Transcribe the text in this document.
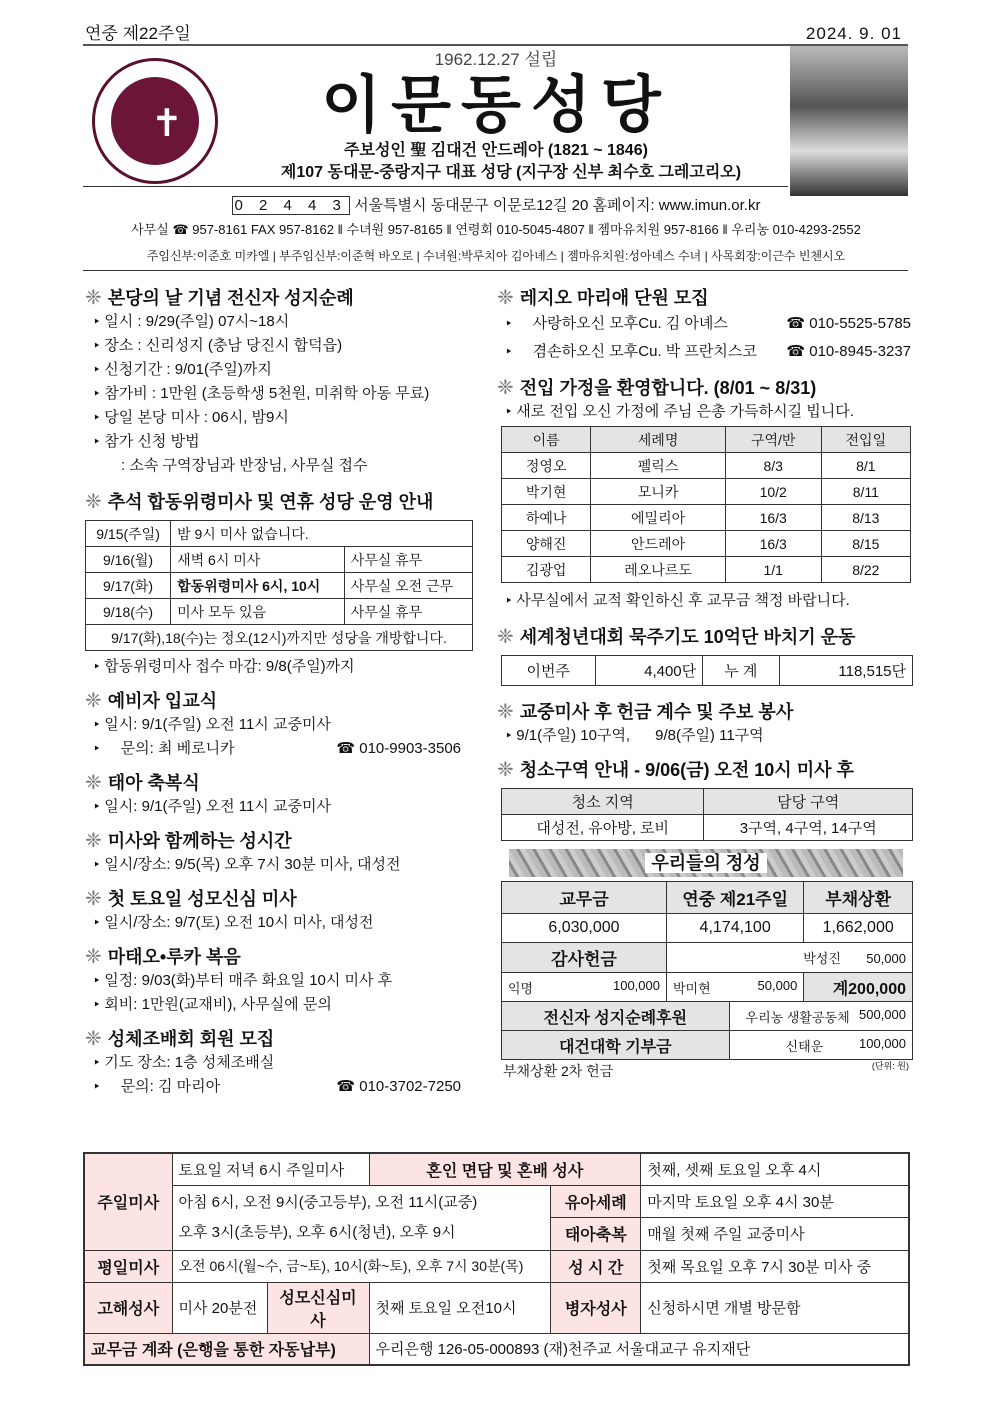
연중 제22주일	2024. 9. 01
✝
1962.12.27 설립
이문동성당
주보성인 聖 김대건 안드레아 (1821 ~ 1846)
제107 동대문-중랑지구 대표 성당 (지구장 신부 최수호 그레고리오)
0 2 4 4 3 서울특별시 동대문구 이문로12길 20 홈페이지: www.imun.or.kr
사무실 ☎ 957-8161 FAX 957-8162 ‖ 수녀원 957-8165 ‖ 연령회 010-5045-4807 ‖ 젬마유치원 957-8166 ‖ 우리농 010-4293-2552
주임신부:이준호 미카엘 | 부주임신부:이준혁 바오로 | 수녀원:박루치아 김아녜스 | 젬마유치원:성아녜스 수녀 | 사목회장:이근수 빈첸시오
❈ 본당의 날 기념 전신자 성지순례
‣ 일시 : 9/29(주일) 07시~18시
‣ 장소 : 신리성지 (충남 당진시 합덕읍)
‣ 신청기간 : 9/01(주일)까지
‣ 참가비 : 1만원 (초등학생 5천원, 미취학 아동 무료)
‣ 당일 본당 미사 : 06시, 밤9시
‣ 참가 신청 방법
: 소속 구역장님과 반장님, 사무실 접수
❈ 추석 합동위령미사 및 연휴 성당 운영 안내
9/15(주일)	밤 9시 미사 없습니다.	
9/16(월)	새벽 6시 미사	사무실 휴무
9/17(화)	합동위령미사 6시, 10시	사무실 오전 근무
9/18(수)	미사 모두 있음	사무실 휴무
9/17(화),18(수)는 정오(12시)까지만 성당을 개방합니다.		
‣ 합동위령미사 접수 마감: 9/8(주일)까지
❈ 예비자 입교식
‣ 일시: 9/1(주일) 오전 11시 교중미사
‣ 문의: 최 베로니카	☎ 010-9903-3506
❈ 태아 축복식
‣ 일시: 9/1(주일) 오전 11시 교중미사
❈ 미사와 함께하는 성시간
‣ 일시/장소: 9/5(목) 오후 7시 30분 미사, 대성전
❈ 첫 토요일 성모신심 미사
‣ 일시/장소: 9/7(토) 오전 10시 미사, 대성전
❈ 마태오•루카 복음
‣ 일정: 9/03(화)부터 매주 화요일 10시 미사 후
‣ 회비: 1만원(교재비), 사무실에 문의
❈ 성체조배회 회원 모집
‣ 기도 장소: 1층 성체조배실
‣ 문의: 김 마리아	☎ 010-3702-7250
❈ 레지오 마리애 단원 모집
‣ 사랑하오신 모후Cu. 김 아녜스	☎ 010-5525-5785
‣ 겸손하오신 모후Cu. 박 프란치스코 ☎ 010-8945-3237
❈ 전입 가정을 환영합니다. (8/01 ~ 8/31)
‣ 새로 전입 오신 가정에 주님 은총 가득하시길 빕니다.
이름	세례명	구역/반	전입일
정영오	펠릭스	8/3	8/1
박기현	모니카	10/2	8/11
하예나	에밀리아	16/3	8/13
양해진	안드레아	16/3	8/15
김광업	레오나르도	1/1	8/22
‣ 사무실에서 교적 확인하신 후 교무금 책정 바랍니다.
❈ 세계청년대회 묵주기도 10억단 바치기 운동
이번주	4,400단	누 계	118,515단
❈ 교중미사 후 헌금 계수 및 주보 봉사
‣ 9/1(주일) 10구역,      9/8(주일) 11구역
❈ 청소구역 안내 - 9/06(금) 오전 10시 미사 후
청소 지역	담당 구역
대성전, 유아방, 로비	3구역, 4구역, 14구역
우리들의 정성
교무금	연중 제21주일		부채상환
6,030,000	4,174,100		1,662,000
감사헌금	박성진 50,000		
익명 100,000	박미현 50,000		계200,000
전신자 성지순례후원		우리농 생활공동체 500,000	

대건대학 기부금		신태운 100,000	
부채상환 2차 헌금	(단위: 원)
주일미사	토요일 저녁 6시 주일미사		혼인 면담 및 혼배 성사		첫째, 셋째 토요일 오후 4시

	아침 6시, 오전 9시(중고등부), 오전 11시(교중)
오후 3시(초등부), 오후 6시(청년), 오후 9시			유아세례	마지막 토요일 오후 4시 30분
				태아축복	매월 첫째 주일 교중미사
평일미사	오전 06시(월~수, 금~토), 10시(화~토), 오후 7시 30분(목)			성 시 간	첫째 목요일 오후 7시 30분 미사 중
고해성사	미사 20분전	성모신심미사	첫째 토요일 오전10시	병자성사	신청하시면 개별 방문함
교무금 계좌 (은행을 통한 자동납부)			우리은행 126-05-000893 (재)천주교 서울대교구 유지재단		
